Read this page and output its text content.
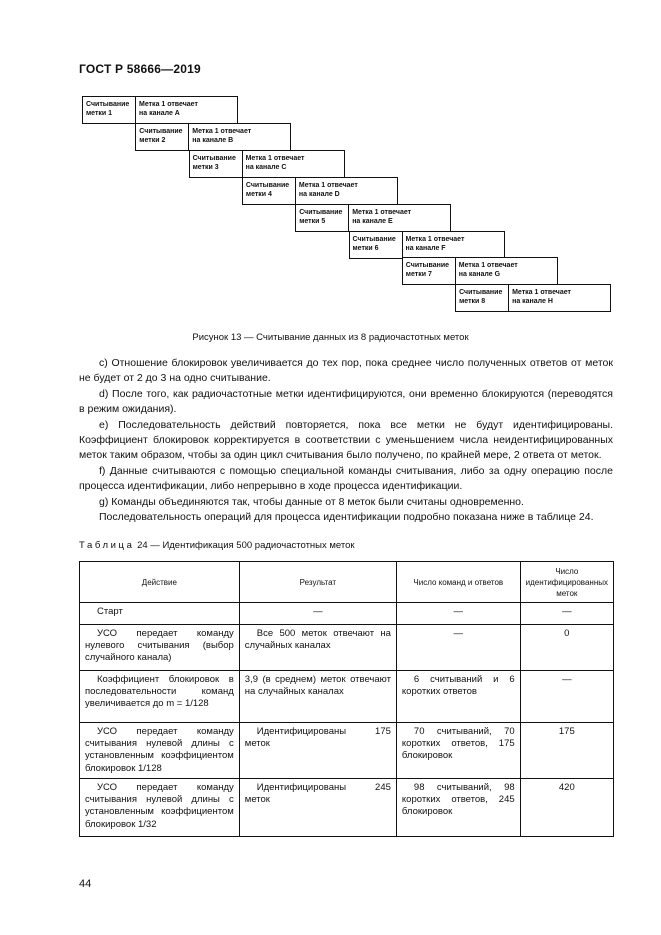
ГОСТ Р 58666—2019
Считывание
метки 1
Метка 1 отвечает
на канале A
Считывание
метки 2
Метка 1 отвечает
на канале B
Считывание
метки 3
Метка 1 отвечает
на канале C
Считывание
метки 4
Метка 1 отвечает
на канале D
Считывание
метки 5
Метка 1 отвечает
на канале E
Считывание
метки 6
Метка 1 отвечает
на канале F
Считывание
метки 7
Метка 1 отвечает
на канале G
Считывание
метки 8
Метка 1 отвечает
на канале H
Рисунок 13 — Считывание данных из 8 радиочастотных меток

c) Отношение блокировок увеличивается до тех пор, пока среднее число полученных ответов от меток не будет от 2 до 3 на одно считывание.

d) После того, как радиочастотные метки идентифицируются, они временно блокируются (переводятся в режим ожидания).

e) Последовательность действий повторяется, пока все метки не будут идентифицированы. Коэффициент блокировок корректируется в соответствии с уменьшением числа неидентифицированных меток таким образом, чтобы за один цикл считывания было получено, по крайней мере, 2 ответа от меток.

f) Данные считываются с помощью специальной команды считывания, либо за одну операцию после процесса идентификации, либо непрерывно в ходе процесса идентификации.

g) Команды объединяются так, чтобы данные от 8 меток были считаны одновременно.

Последовательность операций для процесса идентификации подробно показана ниже в таблице 24.

Таблица 24 — Идентификация 500 радиочастотных меток
Действие	Результат	Число команд и ответов	Число идентифицированных меток

Старт	—	—	—

УСО передает команду нулевого считывания (выбор случайного канала)	Все 500 меток отвечают на случайных каналах	—	0

Коэффициент блокировок в последовательности команд увеличивается до m = 1/128	3,9 (в среднем) меток отвечают на случайных каналах	6 считываний и 6 коротких ответов	—

УСО передает команду считывания нулевой длины с установленным коэффициентом блокировок 1/128	Идентифицированы 175 меток	70 считываний, 70 коротких ответов, 175 блокировок	175

УСО передает команду считывания нулевой длины с установленным коэффициентом блокировок 1/32	Идентифицированы 245 меток	98 считываний, 98 коротких ответов, 245 блокировок	420
44
